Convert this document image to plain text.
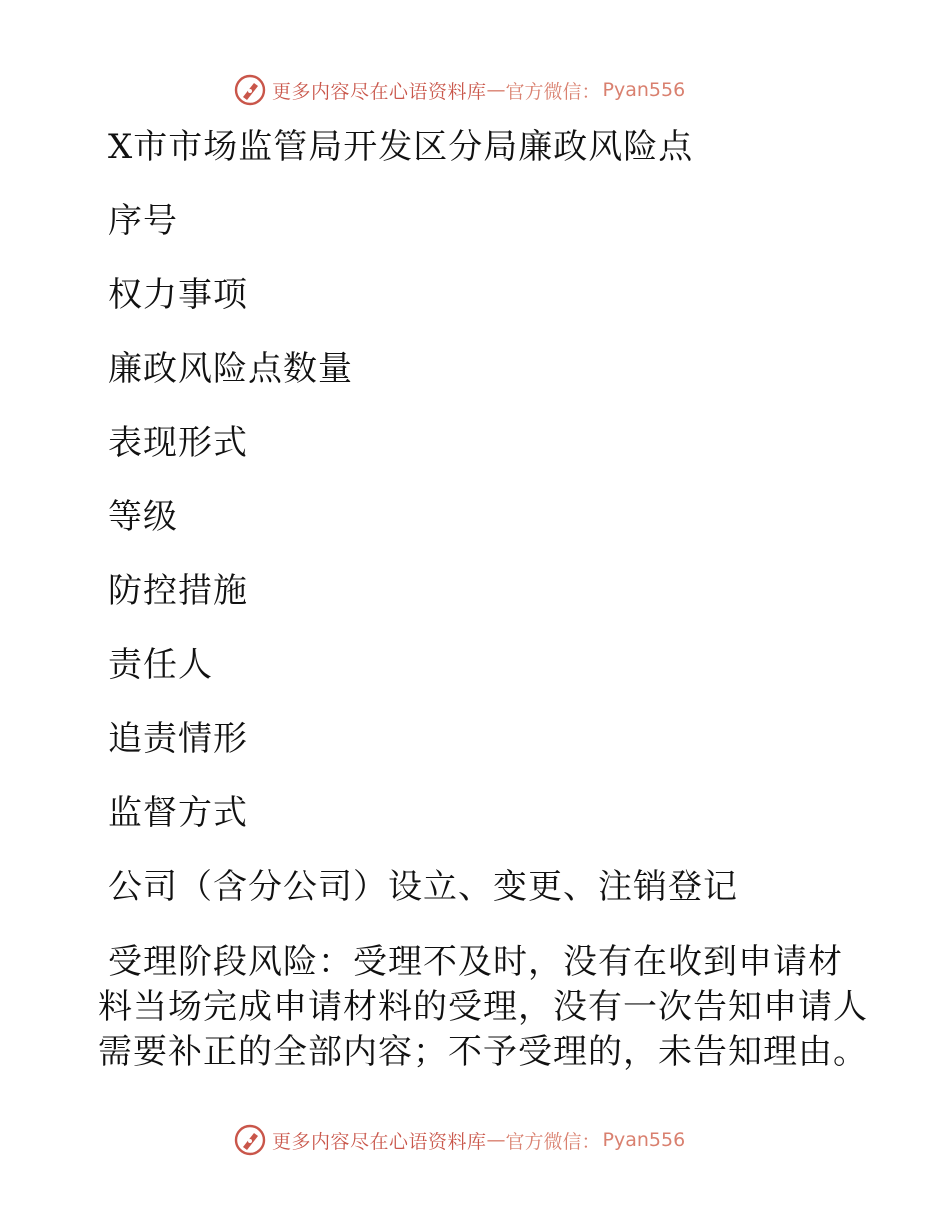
更多内容尽在心语资料库 — 官方微信： Pyan556
X市市场监管局开发区分局廉政风险点
序号
权力事项
廉政风险点数量
表现形式
等级
防控措施
责任人
追责情形
监督方式
公司（含分公司）设立、变更、注销登记
受理阶段风险：受理不及时，没有在收到申请材
料当场完成申请材料的受理，没有一次告知申请人
需要补正的全部内容；不予受理的，未告知理由。
更多内容尽在心语资料库 — 官方微信： Pyan556
